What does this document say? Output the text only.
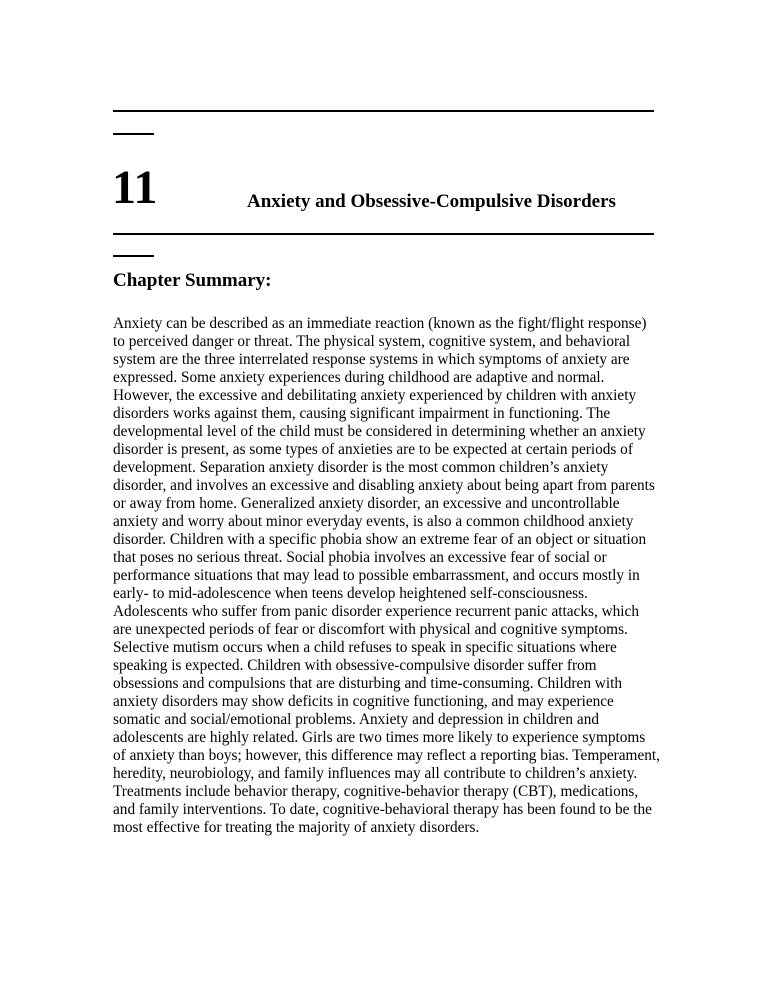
11	Anxiety and Obsessive-Compulsive Disorders
Chapter Summary:

Anxiety can be described as an immediate reaction (known as the fight/flight response) to perceived danger or threat. The physical system, cognitive system, and behavioral system are the three interrelated response systems in which symptoms of anxiety are expressed. Some anxiety experiences during childhood are adaptive and normal. However, the excessive and debilitating anxiety experienced by children with anxiety disorders works against them, causing significant impairment in functioning. The developmental level of the child must be considered in determining whether an anxiety disorder is present, as some types of anxieties are to be expected at certain periods of development. Separation anxiety disorder is the most common children’s anxiety disorder, and involves an excessive and disabling anxiety about being apart from parents or away from home. Generalized anxiety disorder, an excessive and uncontrollable anxiety and worry about minor everyday events, is also a common childhood anxiety disorder. Children with a specific phobia show an extreme fear of an object or situation that poses no serious threat. Social phobia involves an excessive fear of social or performance situations that may lead to possible embarrassment, and occurs mostly in early- to mid-adolescence when teens develop heightened self-consciousness. Adolescents who suffer from panic disorder experience recurrent panic attacks, which are unexpected periods of fear or discomfort with physical and cognitive symptoms. Selective mutism occurs when a child refuses to speak in specific situations where speaking is expected. Children with obsessive-compulsive disorder suffer from obsessions and compulsions that are disturbing and time-consuming. Children with anxiety disorders may show deficits in cognitive functioning, and may experience somatic and social/emotional problems. Anxiety and depression in children and adolescents are highly related. Girls are two times more likely to experience symptoms of anxiety than boys; however, this difference may reflect a reporting bias. Temperament, heredity, neurobiology, and family influences may all contribute to children’s anxiety. Treatments include behavior therapy, cognitive-behavior therapy (CBT), medications, and family interventions. To date, cognitive-behavioral therapy has been found to be the most effective for treating the majority of anxiety disorders.
